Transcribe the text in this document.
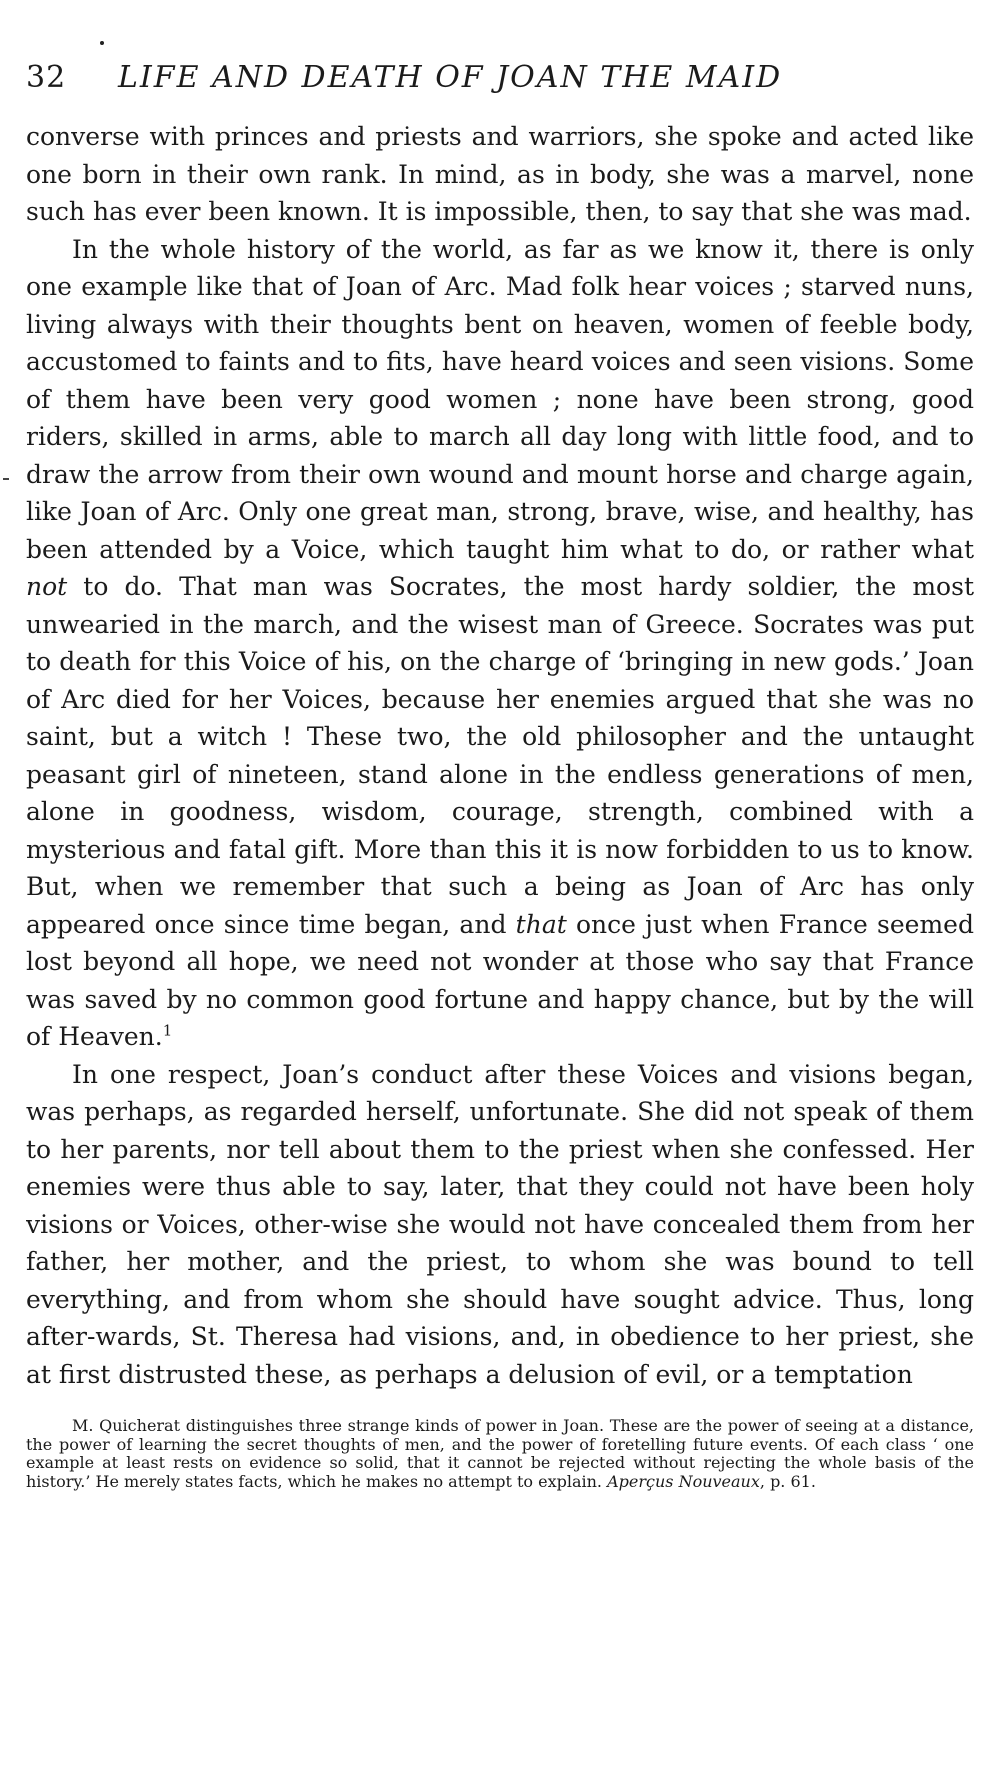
32 LIFE AND DEATH OF JOAN THE MAID

converse with princes and priests and warriors, she spoke and acted like one born in their own rank. In mind, as in body, she was a marvel, none such has ever been known. It is impossible, then, to say that she was mad.

In the whole history of the world, as far as we know it, there is only one example like that of Joan of Arc. Mad folk hear voices ; starved nuns, living always with their thoughts bent on heaven, women of feeble body, accustomed to faints and to fits, have heard voices and seen visions. Some of them have been very good women ; none have been strong, good riders, skilled in arms, able to march all day long with little food, and to draw the arrow from their own wound and mount horse and charge again, like Joan of Arc. Only one great man, strong, brave, wise, and healthy, has been attended by a Voice, which taught him what to do, or rather what not to do. That man was Socrates, the most hardy soldier, the most unwearied in the march, and the wisest man of Greece. Socrates was put to death for this Voice of his, on the charge of ‘bringing in new gods.’ Joan of Arc died for her Voices, because her enemies argued that she was no saint, but a witch ! These two, the old philosopher and the untaught peasant girl of nineteen, stand alone in the endless generations of men, alone in goodness, wisdom, courage, strength, combined with a mysterious and fatal gift. More than this it is now forbidden to us to know. But, when we remember that such a being as Joan of Arc has only appeared once since time began, and that once just when France seemed lost beyond all hope, we need not wonder at those who say that France was saved by no common good fortune and happy chance, but by the will of Heaven.$^1$

In one respect, Joan’s conduct after these Voices and visions began, was perhaps, as regarded herself, unfortunate. She did not speak of them to her parents, nor tell about them to the priest when she confessed. Her enemies were thus able to say, later, that they could not have been holy visions or Voices, other-wise she would not have concealed them from her father, her mother, and the priest, to whom she was bound to tell everything, and from whom she should have sought advice. Thus, long after-wards, St. Theresa had visions, and, in obedience to her priest, she at first distrusted these, as perhaps a delusion of evil, or a temptation

M. Quicherat distinguishes three strange kinds of power in Joan. These are the power of seeing at a distance, the power of learning the secret thoughts of men, and the power of foretelling future events. Of each class ‘ one example at least rests on evidence so solid, that it cannot be rejected without rejecting the whole basis of the history.’ He merely states facts, which he makes no attempt to explain. Aperçus Nouveaux, p. 61.
